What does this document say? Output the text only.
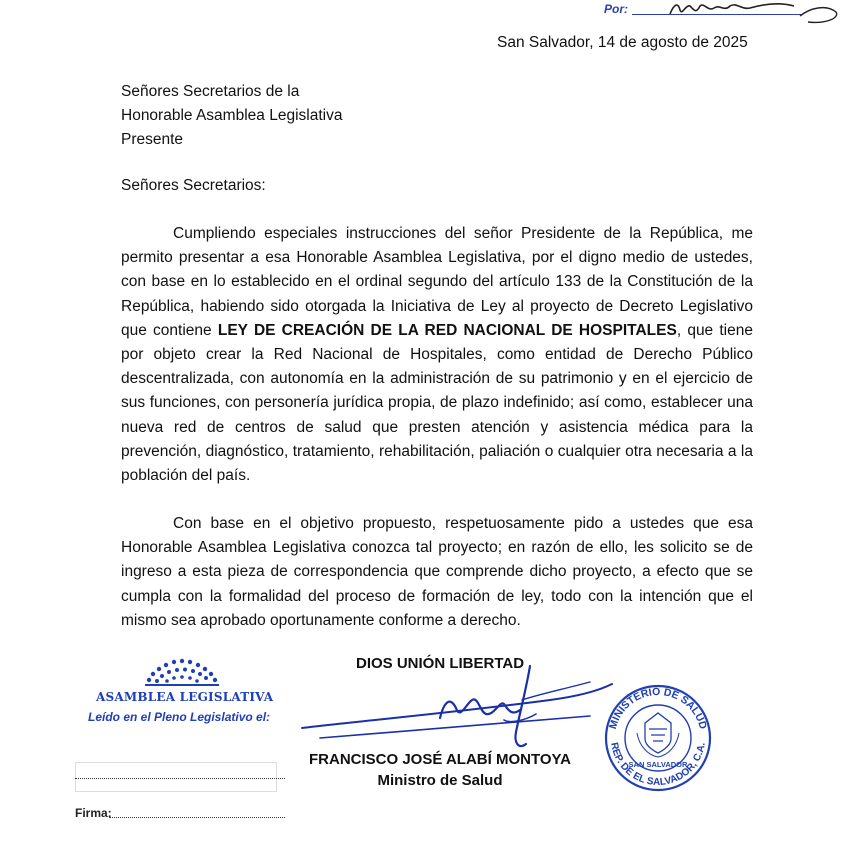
Por:
San Salvador, 14 de agosto de 2025
Señores Secretarios de la
Honorable Asamblea Legislativa
Presente
Señores Secretarios:
Cumpliendo especiales instrucciones del señor Presidente de la República, me permito presentar a esa Honorable Asamblea Legislativa, por el digno medio de ustedes, con base en lo establecido en el ordinal segundo del artículo 133 de la Constitución de la República, habiendo sido otorgada la Iniciativa de Ley al proyecto de Decreto Legislativo que contiene LEY DE CREACIÓN DE LA RED NACIONAL DE HOSPITALES, que tiene por objeto crear la Red Nacional de Hospitales, como entidad de Derecho Público descentralizada, con autonomía en la administración de su patrimonio y en el ejercicio de sus funciones, con personería jurídica propia, de plazo indefinido; así como, establecer una nueva red de centros de salud que presten atención y asistencia médica para la prevención, diagnóstico, tratamiento, rehabilitación, paliación o cualquier otra necesaria a la población del país.
Con base en el objetivo propuesto, respetuosamente pido a ustedes que esa Honorable Asamblea Legislativa conozca tal proyecto; en razón de ello, les solicito se de ingreso a esta pieza de correspondencia que comprende dicho proyecto, a efecto que se cumpla con la formalidad del proceso de formación de ley, todo con la intención que el mismo sea aprobado oportunamente conforme a derecho.
ASAMBLEA LEGISLATIVA
Leído en el Pleno Legislativo el:
Firma:
DIOS UNIÓN LIBERTAD
MINISTERIO DE SALUD
REP. DE EL SALVADOR, C.A.
SAN SALVADOR
FRANCISCO JOSÉ ALABÍ MONTOYA
Ministro de Salud
